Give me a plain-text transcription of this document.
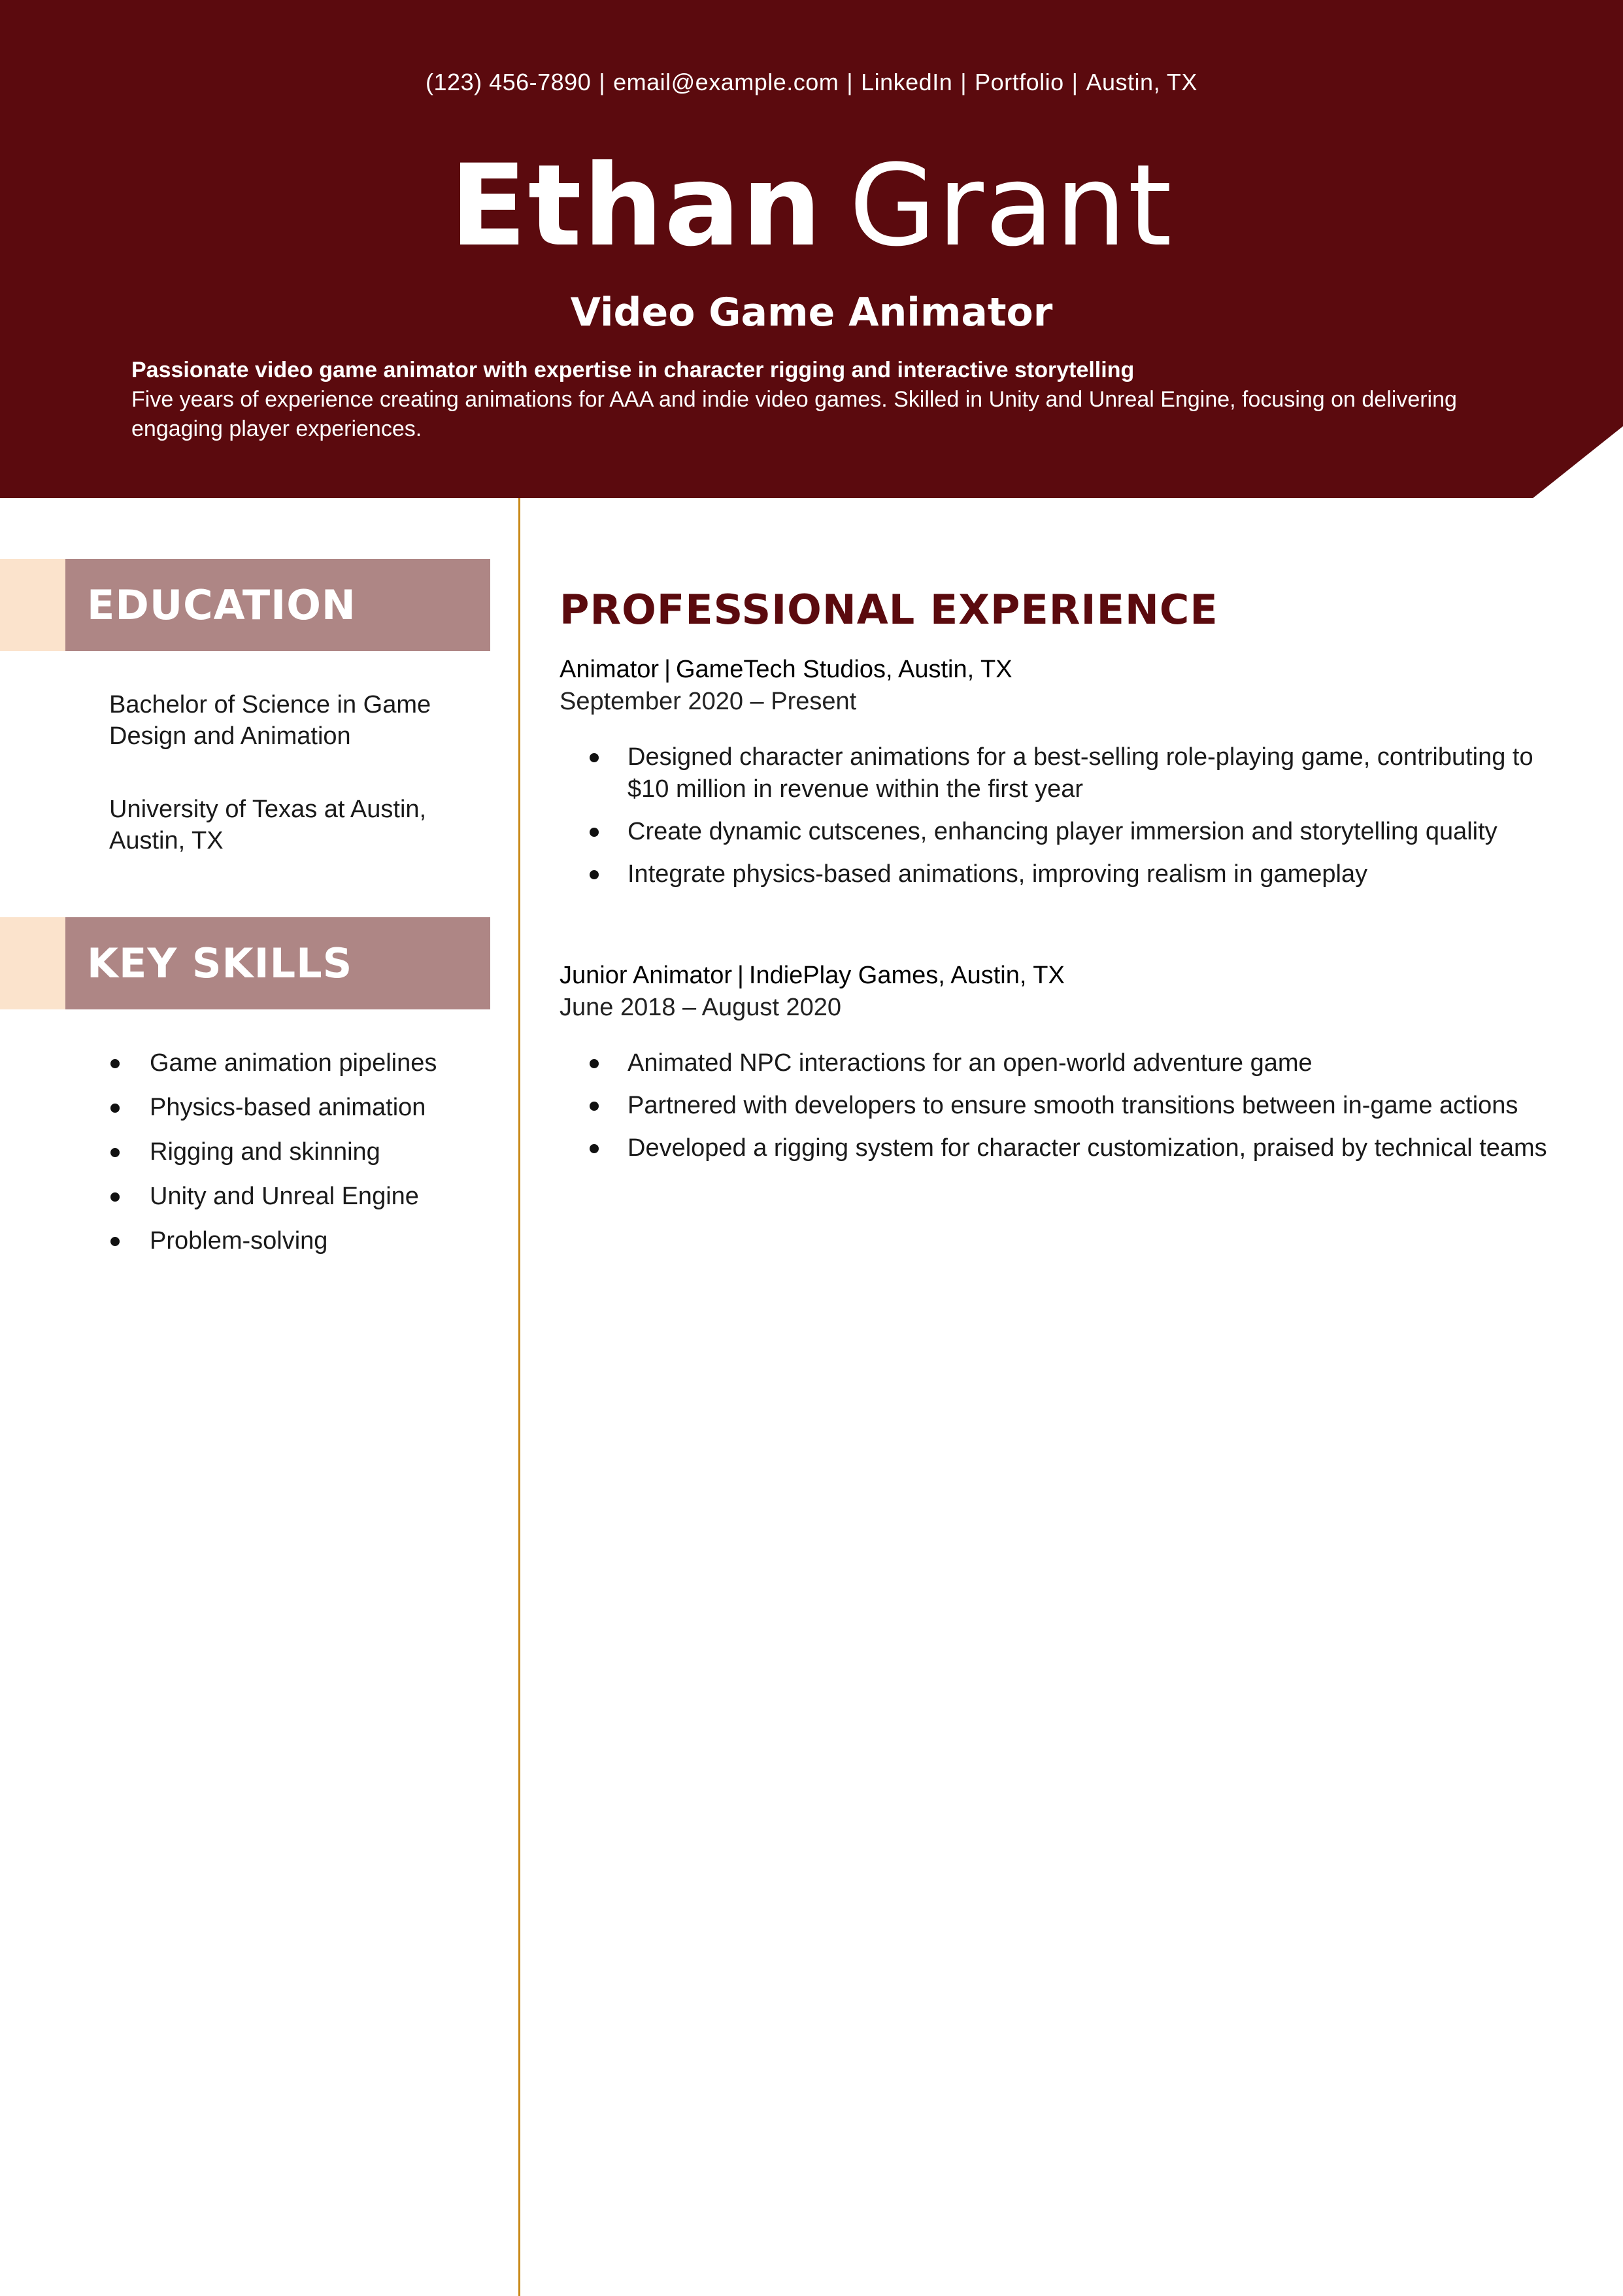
(123) 456-7890 | email@example.com | LinkedIn | Portfolio | Austin, TX
Ethan Grant
Video Game Animator
Passionate video game animator with expertise in character rigging and interactive storytelling
Five years of experience creating animations for AAA and indie video games. Skilled in Unity and Unreal Engine, focusing on delivering engaging player experiences.
EDUCATION
Bachelor of Science in Game Design and Animation
University of Texas at Austin, Austin, TX
KEY SKILLS
Game animation pipelines
Physics-based animation
Rigging and skinning
Unity and Unreal Engine
Problem-solving
PROFESSIONAL EXPERIENCE
Animator | GameTech Studios, Austin, TX
September 2020 – Present
Designed character animations for a best-selling role-playing game, contributing to $10 million in revenue within the first year
Create dynamic cutscenes, enhancing player immersion and storytelling quality
Integrate physics-based animations, improving realism in gameplay
Junior Animator | IndiePlay Games, Austin, TX
June 2018 – August 2020
Animated NPC interactions for an open-world adventure game
Partnered with developers to ensure smooth transitions between in-game actions
Developed a rigging system for character customization, praised by technical teams
